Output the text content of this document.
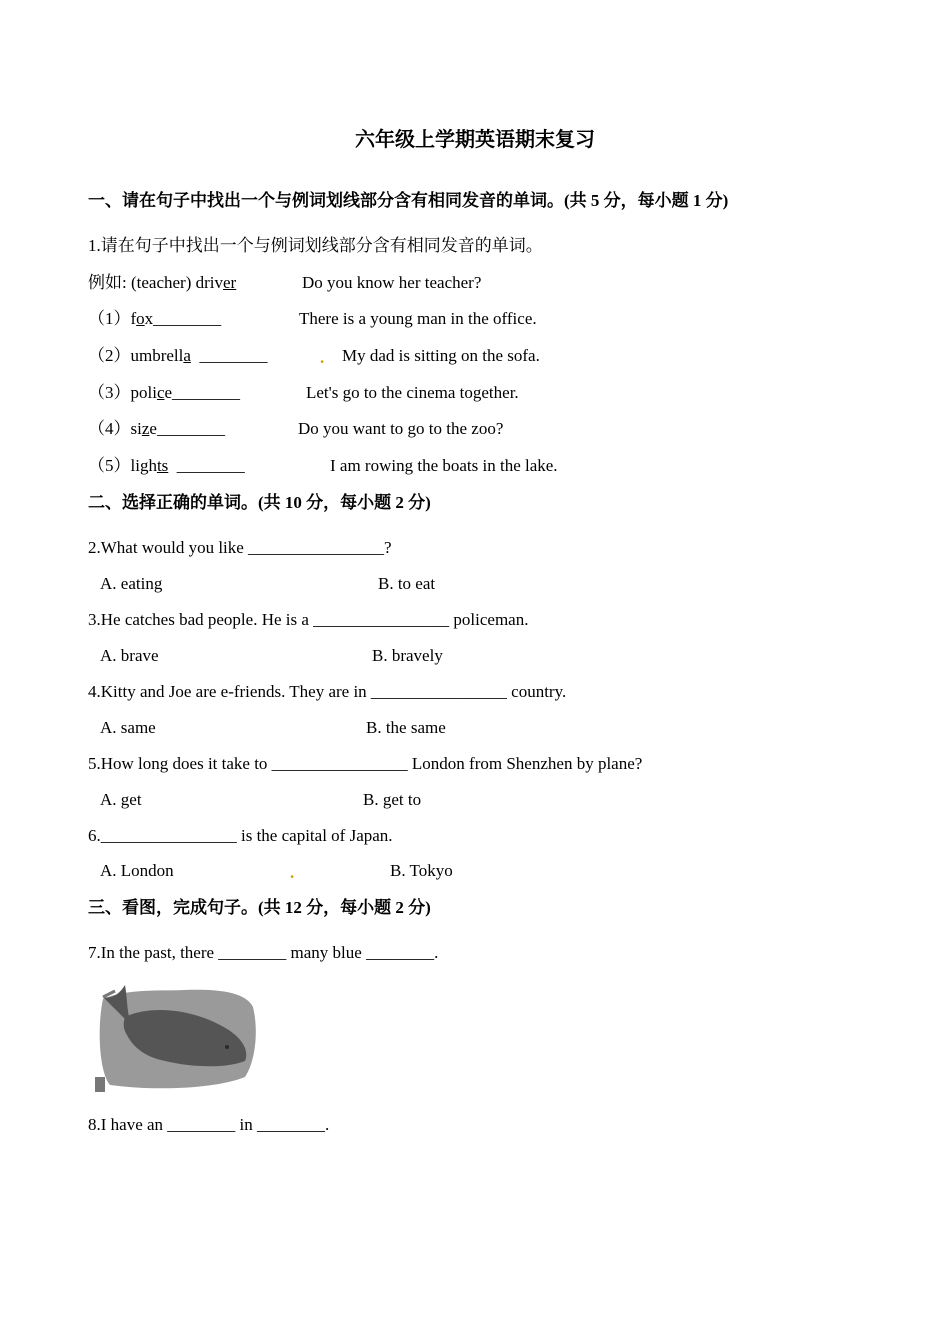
六年级上学期英语期末复习
一、请在句子中找出一个与例词划线部分含有相同发音的单词。(共 5 分，每小题 1 分)
1.请在句子中找出一个与例词划线部分含有相同发音的单词。
例如: (teacher) driver	Do you know her teacher?
（1）fox________	There is a young man in the office.
（2）umbrella ________	. My dad is sitting on the sofa.
（3）police________	Let's go to the cinema together.
（4）size________	Do you want to go to the zoo?
（5）lights ________	I am rowing the boats in the lake.
二、选择正确的单词。(共 10 分，每小题 2 分)
2.What would you like ________________?
A. eating	B. to eat
3.He catches bad people. He is a ________________ policeman.
A. brave	B. bravely
4.Kitty and Joe are e-friends. They are in ________________ country.
A. same	B. the same
5.How long does it take to ________________ London from Shenzhen by plane?
A. get	B. get to
6.________________ is the capital of Japan.
A. London	.	B. Tokyo
三、看图，完成句子。(共 12 分，每小题 2 分)
7.In the past, there ________ many blue ________.
8.I have an ________ in ________.
